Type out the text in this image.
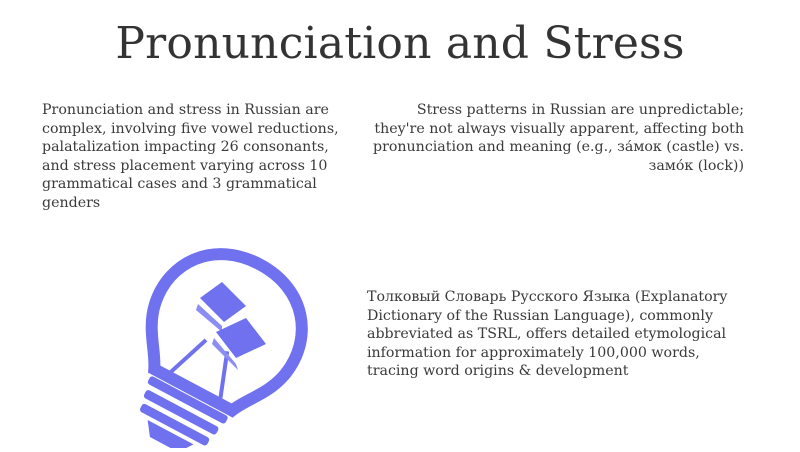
Pronunciation and Stress
Pronunciation and stress in Russian are complex, involving five vowel reductions, palatalization impacting 26 consonants, and stress placement varying across 10 grammatical cases and 3 grammatical genders
Stress patterns in Russian are unpredictable; they're not always visually apparent, affecting both pronunciation and meaning (e.g., за́мок (castle) vs. замо́к (lock))
Толковый Словарь Русского Языка (Explanatory Dictionary of the Russian Language), commonly abbreviated as TSRL, offers detailed etymological information for approximately 100,000 words, tracing word origins & development
